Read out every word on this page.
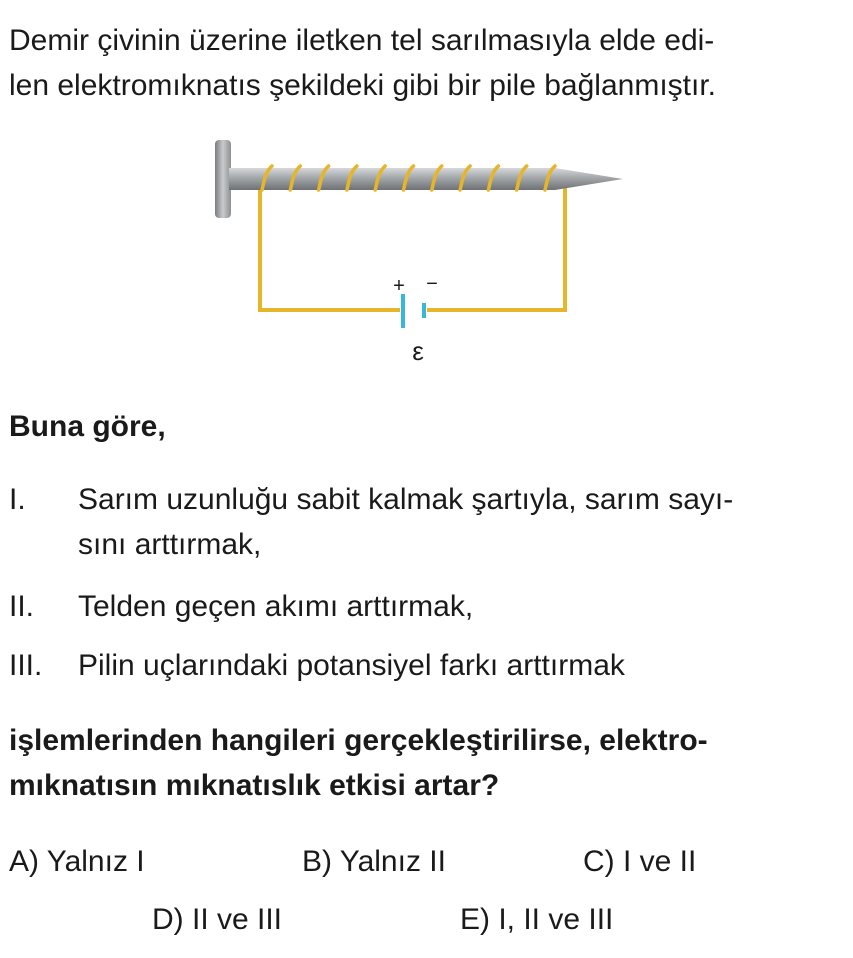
Demir çivinin üzerine iletken tel sarılmasıyla elde edi-
len elektromıknatıs şekildeki gibi bir pile bağlanmıştır.

+ −
ε

Buna göre,

I. Sarım uzunluğu sabit kalmak şartıyla, sarım sayı-
sını arttırmak,
II. Telden geçen akımı arttırmak,
III. Pilin uçlarındaki potansiyel farkı arttırmak

işlemlerinden hangileri gerçekleştirilirse, elektro-
mıknatısın mıknatıslık etkisi artar?

A) Yalnız I	B) Yalnız II	C) I ve II
D) II ve III	E) I, II ve III
